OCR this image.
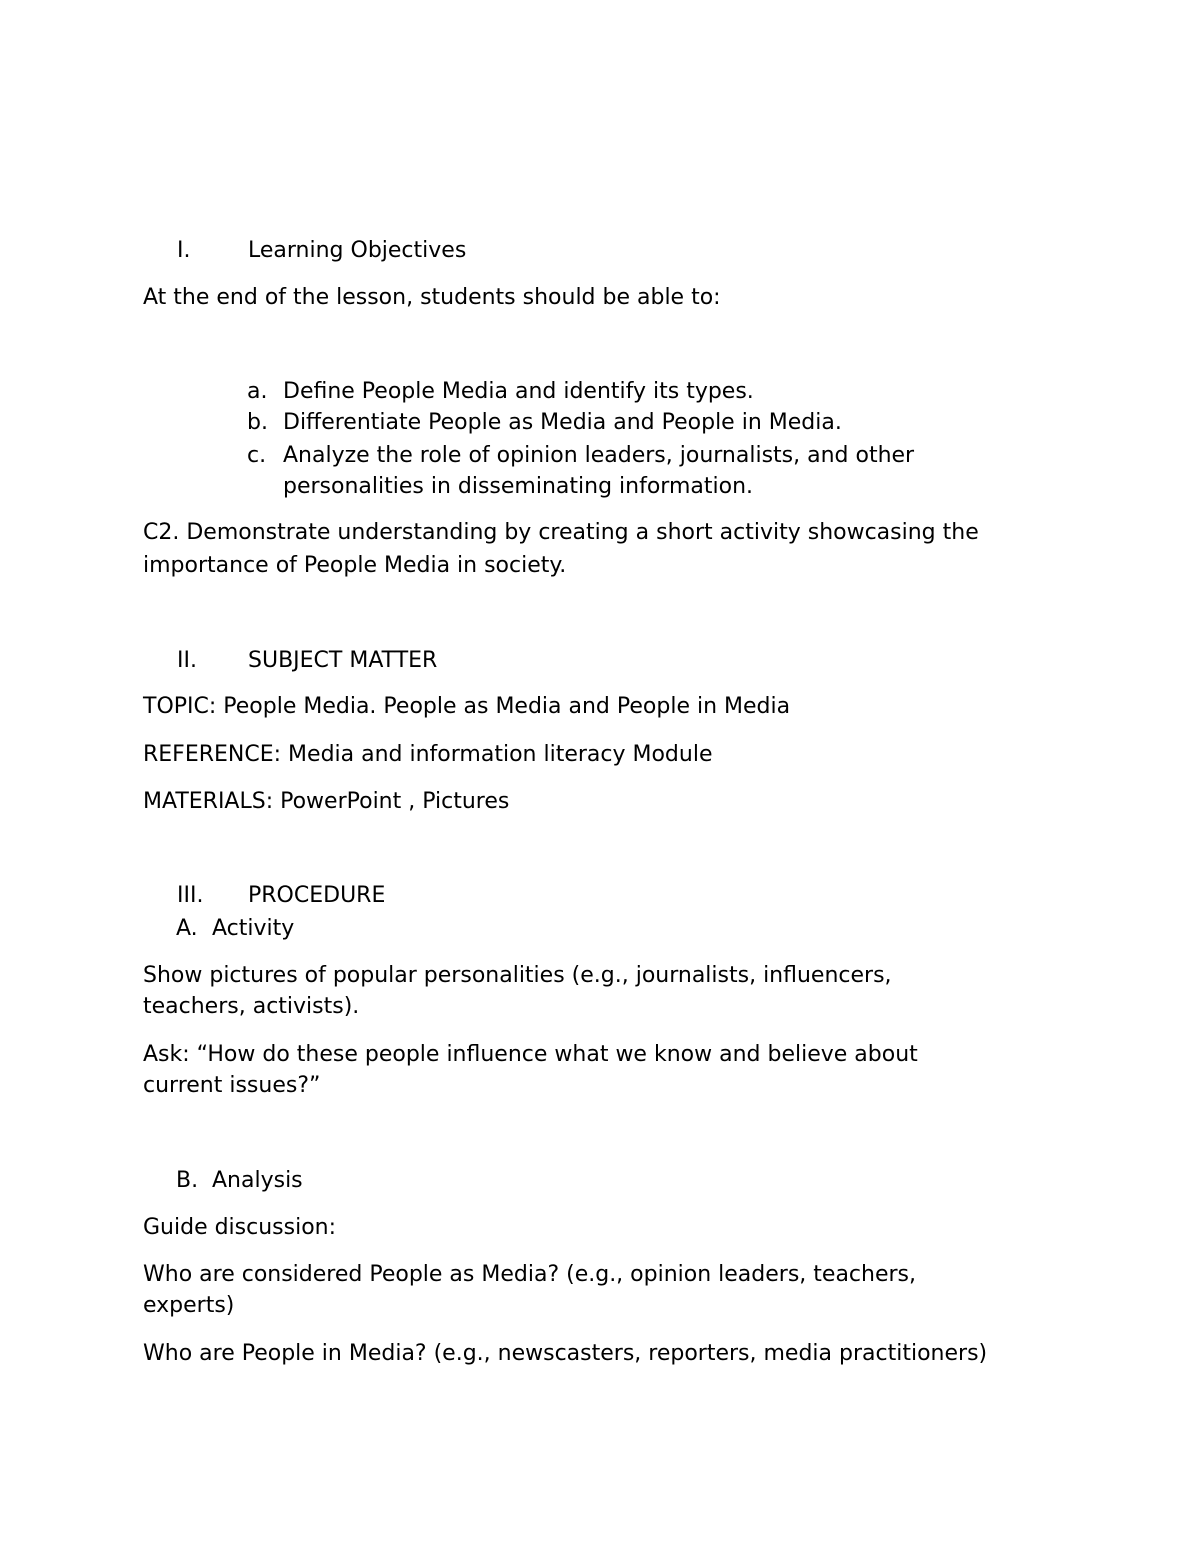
I.	Learning Objectives
At the end of the lesson, students should be able to:
a. Define People Media and identify its types.
b. Differentiate People as Media and People in Media.
c. Analyze the role of opinion leaders, journalists, and other
personalities in disseminating information.
C2. Demonstrate understanding by creating a short activity showcasing the
importance of People Media in society.
II. SUBJECT MATTER
TOPIC: People Media. People as Media and People in Media
REFERENCE: Media and information literacy Module
MATERIALS: PowerPoint , Pictures
III. PROCEDURE
A. Activity
Show pictures of popular personalities (e.g., journalists, influencers,
teachers, activists).
Ask: “How do these people influence what we know and believe about
current issues?”
B. Analysis
Guide discussion:
Who are considered People as Media? (e.g., opinion leaders, teachers,
experts)
Who are People in Media? (e.g., newscasters, reporters, media practitioners)
